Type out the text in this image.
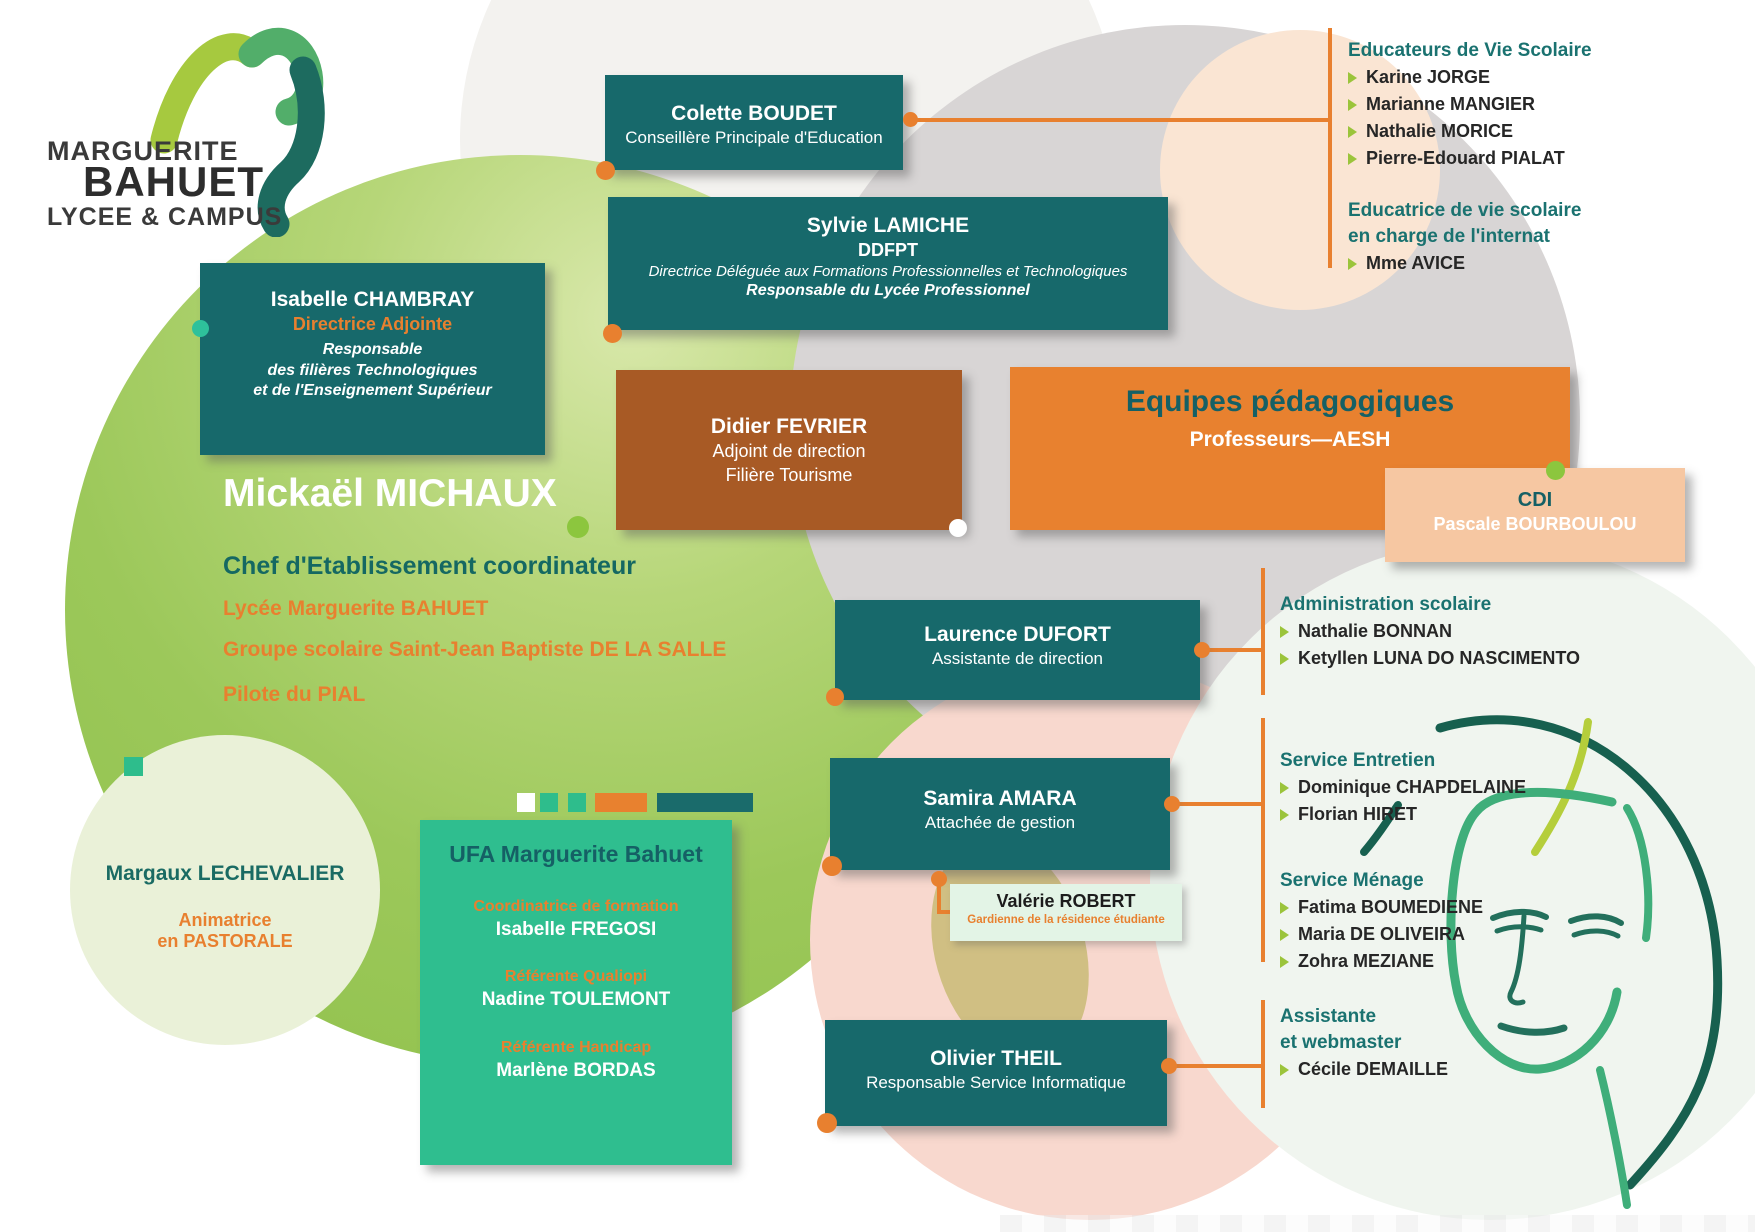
MARGUERITE
BAHUET
LYCEE & CAMPUS
Colette BOUDET
Conseillère Principale d'Education
Sylvie LAMICHE
DDFPT
Directrice Déléguée aux Formations Professionnelles et Technologiques
Responsable du Lycée Professionnel
Isabelle CHAMBRAY
Directrice Adjointe
Responsable
des filières Technologiques
et de l'Enseignement Supérieur
Didier FEVRIER
Adjoint de direction
Filière Tourisme
Equipes pédagogiques
Professeurs—AESH
CDI
Pascale BOURBOULOU
Laurence DUFORT
Assistante de direction
Samira AMARA
Attachée de gestion
Valérie ROBERT
Gardienne de la résidence étudiante
Olivier THEIL
Responsable Service Informatique
UFA Marguerite Bahuet
Coordinatrice de formation
Isabelle FREGOSI
Référente Qualiopi
Nadine TOULEMONT
Référente Handicap
Marlène BORDAS
Margaux LECHEVALIER
Animatrice
en PASTORALE
Mickaël MICHAUX
Chef d'Etablissement coordinateur
Lycée Marguerite BAHUET
Groupe scolaire Saint-Jean Baptiste DE LA SALLE
Pilote du PIAL
Educateurs de Vie Scolaire
Karine JORGE
Marianne MANGIER
Nathalie MORICE
Pierre-Edouard PIALAT
Educatrice de vie scolaire
en charge de l'internat
Mme AVICE
Administration scolaire
Nathalie BONNAN
Ketyllen LUNA DO NASCIMENTO
Service Entretien
Dominique CHAPDELAINE
Florian HIRET
Service Ménage
Fatima BOUMEDIENE
Maria DE OLIVEIRA
Zohra MEZIANE
Assistante
et webmaster
Cécile DEMAILLE
